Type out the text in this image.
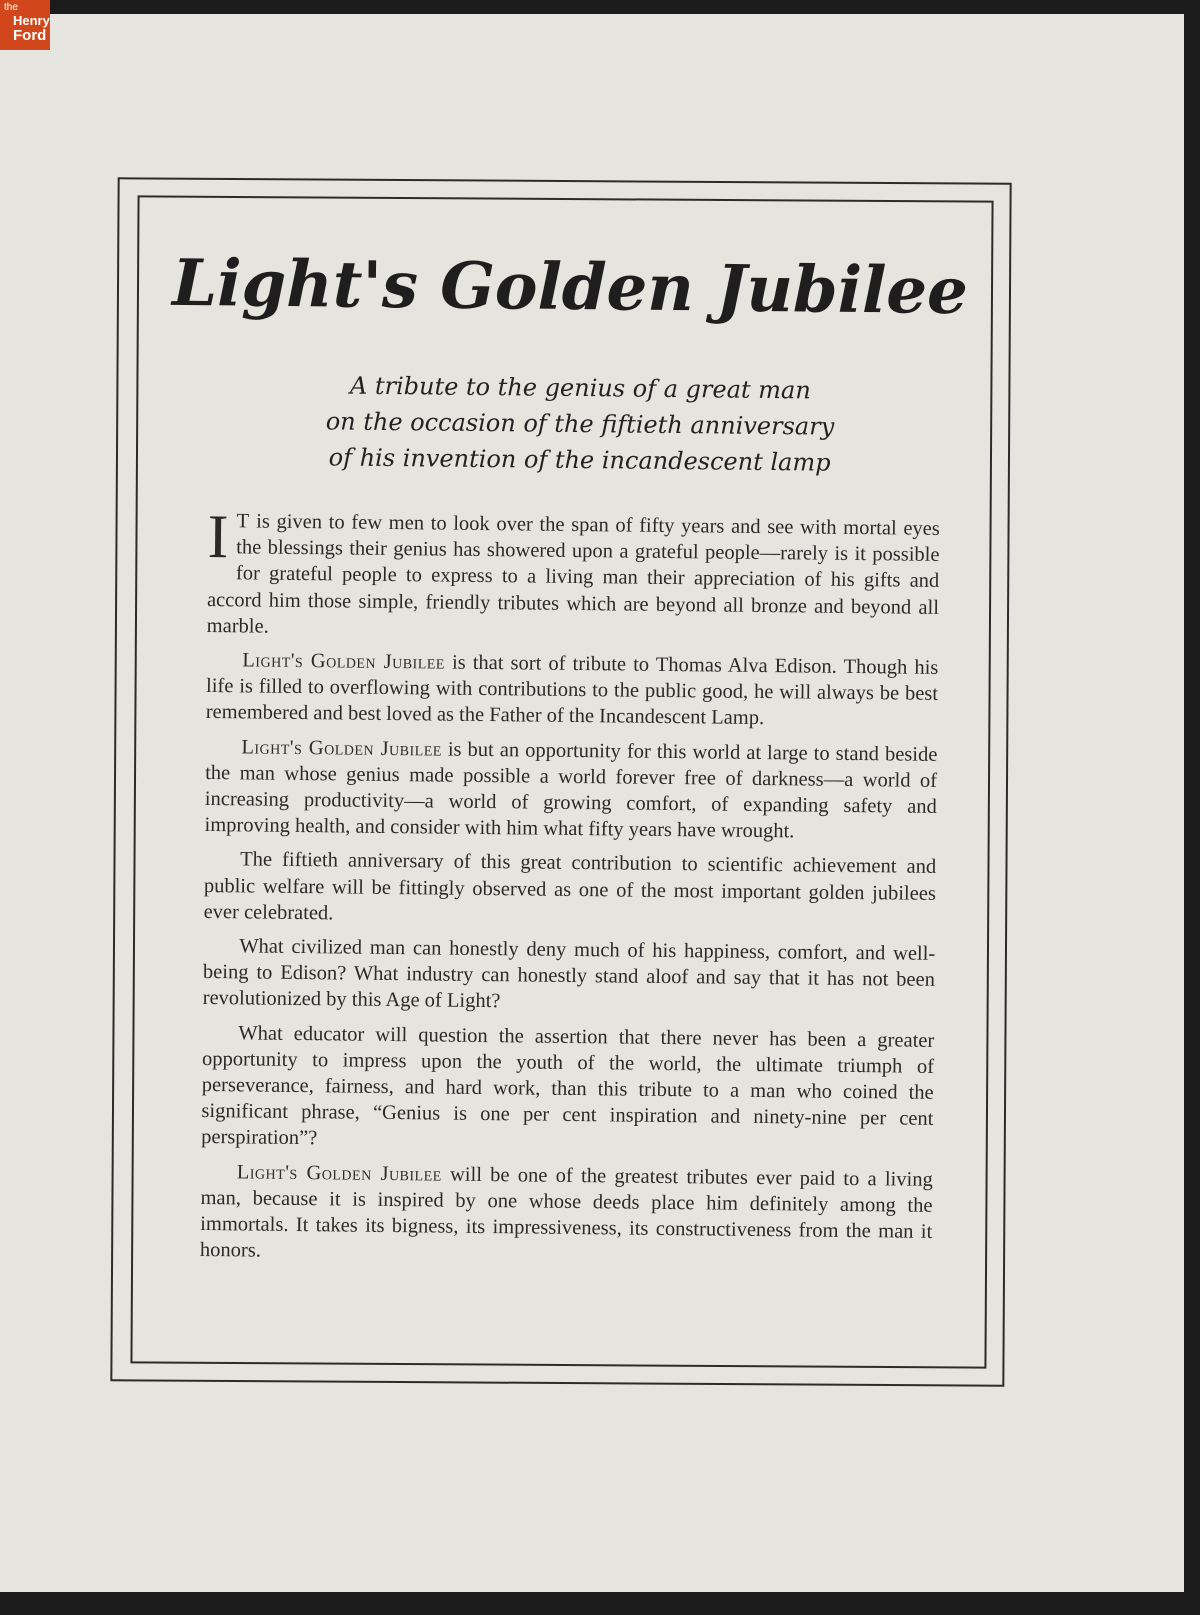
the
Henry
Ford
Light's Golden Jubilee
A tribute to the genius of a great man
on the occasion of the fiftieth anniversary
of his invention of the incandescent lamp

I T is given to few men to look over the span of fifty years and see with mortal eyes the blessings their genius has showered upon a grateful people—rarely is it possible for grateful people to express to a living man their appreciation of his gifts and accord him those simple, friendly tributes which are beyond all bronze and beyond all marble.

Light's Golden Jubilee is that sort of tribute to Thomas Alva Edison. Though his life is filled to overflowing with contributions to the public good, he will always be best remembered and best loved as the Father of the Incandescent Lamp.

Light's Golden Jubilee is but an opportunity for this world at large to stand beside the man whose genius made possible a world forever free of darkness—a world of increasing productivity—a world of growing comfort, of expanding safety and improving health, and consider with him what fifty years have wrought.

The fiftieth anniversary of this great contribution to scientific achievement and public welfare will be fittingly observed as one of the most important golden jubilees ever celebrated.

What civilized man can honestly deny much of his happiness, comfort, and well-being to Edison? What industry can honestly stand aloof and say that it has not been revolutionized by this Age of Light?

What educator will question the assertion that there never has been a greater opportunity to impress upon the youth of the world, the ultimate triumph of perseverance, fairness, and hard work, than this tribute to a man who coined the significant phrase, “Genius is one per cent inspiration and ninety-nine per cent perspiration”?

Light's Golden Jubilee will be one of the greatest tributes ever paid to a living man, because it is inspired by one whose deeds place him definitely among the immortals. It takes its bigness, its impressiveness, its constructiveness from the man it honors.
